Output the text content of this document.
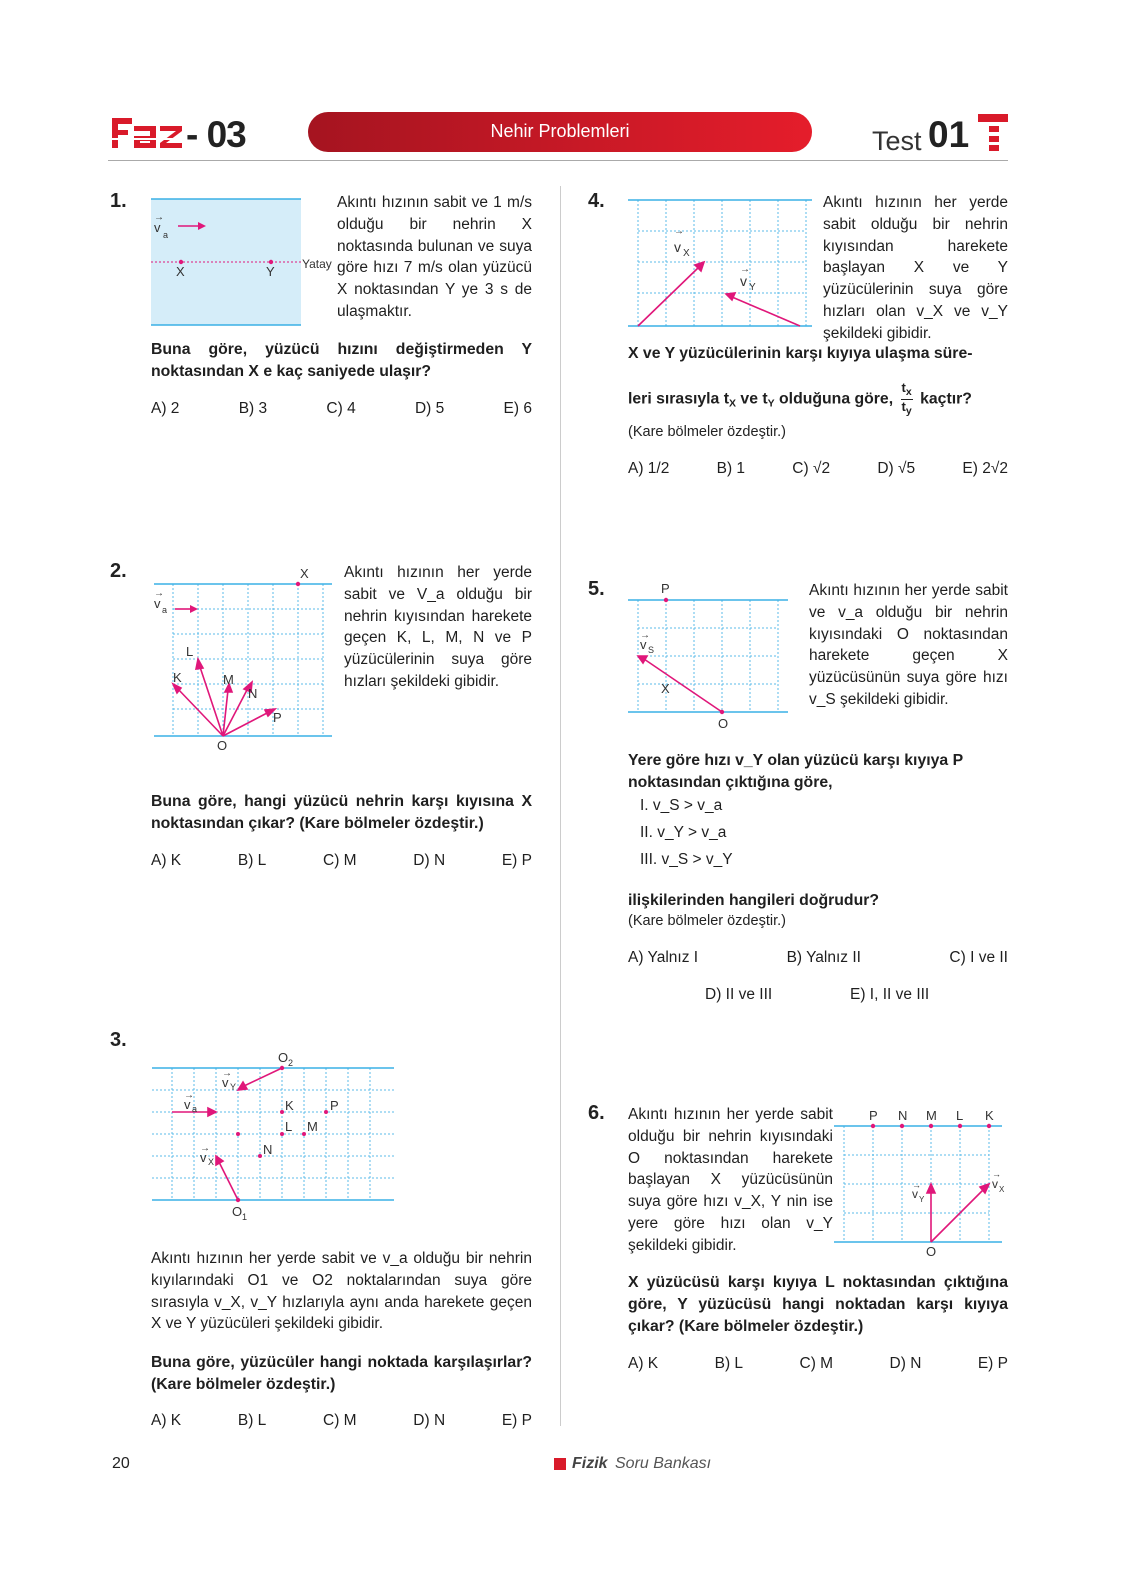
- 03	Nehir Problemleri	Test 01
1.
v a
→
X	Y Yatay

Akıntı hızının sabit ve 1 m/s olduğu bir nehrin X noktasında bulunan ve suya göre hızı 7 m/s olan yüzücü X noktasından Y ye 3 s de ulaşmaktır.

Buna göre, yüzücü hızını değiştirmeden Y noktasından X e kaç saniyede ulaşır?

A) 2	B) 3	C) 4	D) 5	E) 6
2.	X
→
v a
L
K	M
N
P
O

Akıntı hızının her yerde sabit ve V_a olduğu bir nehrin kıyısından harekete geçen K, L, M, N ve P yüzücülerinin suya göre hızları şekildeki gibidir.

Buna göre, hangi yüzücü nehrin karşı kıyısına X noktasından çıkar? (Kare bölmeler özdeştir.)

A) K	B) L	C) M	D) N	E) P
3.
O 2
O 1
→
v Y
→
v a
→
v X
K	P
L M
N

Akıntı hızının her yerde sabit ve v_a olduğu bir nehrin kıyılarındaki O1 ve O2 noktalarından suya göre sırasıyla v_X, v_Y hızlarıyla aynı anda harekete geçen X ve Y yüzücüleri şekildeki gibidir.

Buna göre, yüzücüler hangi noktada karşılaşırlar? (Kare bölmeler özdeştir.)

A) K	B) L	C) M	D) N	E) P
4.
→
v X
→
v Y

Akıntı hızının her yerde sabit olduğu bir nehrin kıyısından harekete başlayan X ve Y yüzücülerinin suya göre hızları olan v_X ve v_Y şekildeki gibidir.

X ve Y yüzücülerinin karşı kıyıya ulaşma süre-

leri sırasıyla $t_X$ ve $t_Y$ olduğuna göre, $\frac{t_x}{t_y}$ kaçtır?

(Kare bölmeler özdeştir.)
A) 1/2	B) 1	C) √2	D) √5	E) 2√2
5.	P
→
v S
X
O

Akıntı hızının her yerde sabit ve v_a olduğu bir nehrin kıyısındaki O noktasından harekete geçen X yüzücüsünün suya göre hızı v_S şekildeki gibidir.

Yere göre hızı v_Y olan yüzücü karşı kıyıya P noktasından çıktığına göre,

I. v_S > v_a

II. v_Y > v_a

III. v_S > v_Y

ilişkilerinden hangileri doğrudur?
(Kare bölmeler özdeştir.)
A) Yalnız I	B) Yalnız II	C) I ve II
D) II ve III	E) I, II ve III
6. Akıntı hızının her yerde sabit olduğu bir nehrin kıyısındaki O noktasından harekete başlayan X yüzücüsünün suya göre hızı v_X, Y nin ise yere göre hızı olan v_Y şekildeki gibidir.

P N M L K
→
v Y
→
v X
O

X yüzücüsü karşı kıyıya L noktasından çıktığına göre, Y yüzücüsü hangi noktadan karşı kıyıya çıkar? (Kare bölmeler özdeştir.)

A) K	B) L	C) M	D) N	E) P
20	Fizik Soru Bankası
